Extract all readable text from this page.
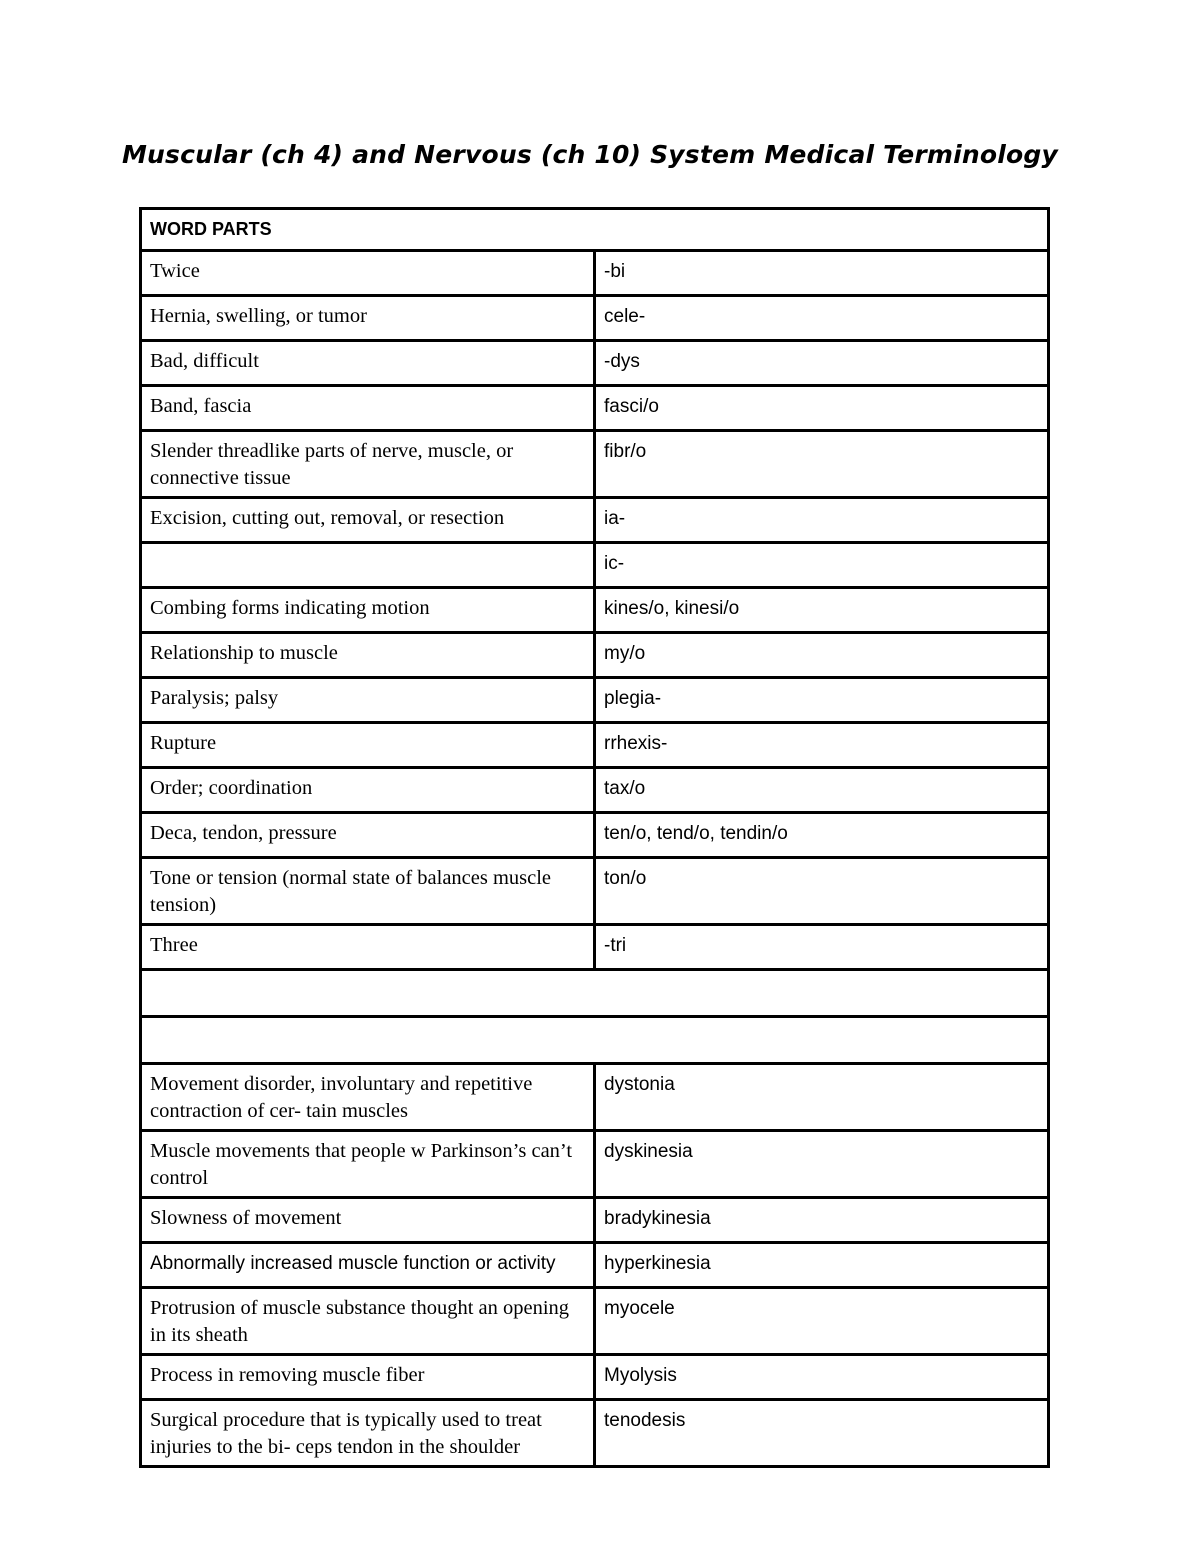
Muscular (ch 4) and Nervous (ch 10) System Medical Terminology
WORD PARTS	
Twice	-bi
Hernia, swelling, or tumor	cele-
Bad, difficult	-dys
Band, fascia	fasci/o
Slender threadlike parts of nerve, muscle, or connective tissue	fibr/o
Excision, cutting out, removal, or resection	ia-
	ic-
Combing forms indicating motion	kines/o, kinesi/o
Relationship to muscle	my/o
Paralysis; palsy	plegia-
Rupture	rrhexis-
Order; coordination	tax/o
Deca, tendon, pressure	ten/o, tend/o, tendin/o
Tone or tension (normal state of balances muscle tension)	ton/o
Three	-tri

Movement disorder, involuntary and repetitive contraction of cer- tain muscles	dystonia
Muscle movements that people w Parkinson’s can’t control	dyskinesia
Slowness of movement	bradykinesia
Abnormally increased muscle function or activity	hyperkinesia
Protrusion of muscle substance thought an opening in its sheath	myocele
Process in removing muscle fiber	Myolysis
Surgical procedure that is typically used to treat injuries to the bi- ceps tendon in the shoulder	tenodesis
